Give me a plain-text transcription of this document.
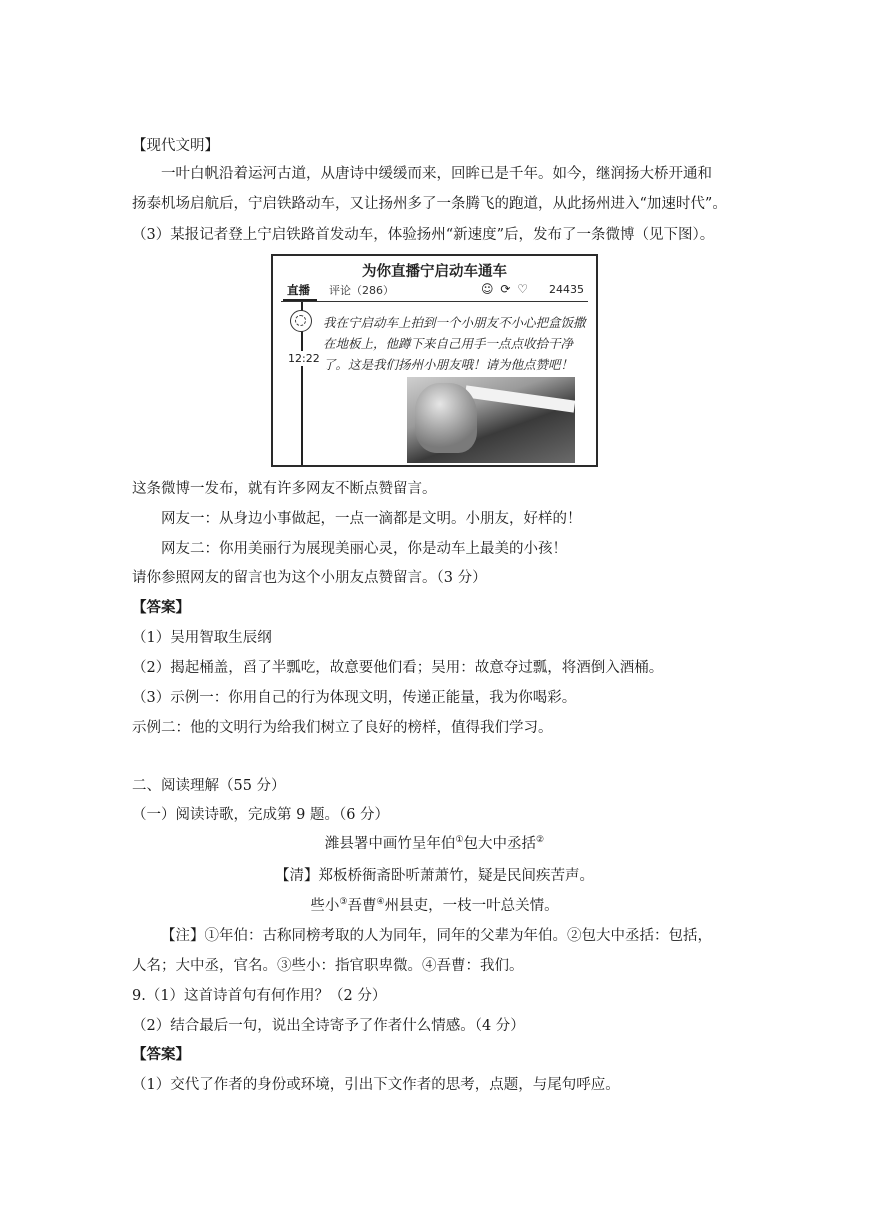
【现代文明】
一叶白帆沿着运河古道，从唐诗中缓缓而来，回眸已是千年。如今，继润扬大桥开通和
扬泰机场启航后，宁启铁路动车，又让扬州多了一条腾飞的跑道，从此扬州进入“加速时代”。
（3）某报记者登上宁启铁路首发动车，体验扬州“新速度”后，发布了一条微博（见下图）。
为你直播宁启动车通车
直播 评论（286）	☺ ⟳ ♡ 24435
12:22
我在宁启动车上拍到一个小朋友不小心把盒饭撒在地板上，他蹲下来自己用手一点点收拾干净了。这是我们扬州小朋友哦！请为他点赞吧！
这条微博一发布，就有许多网友不断点赞留言。
网友一：从身边小事做起，一点一滴都是文明。小朋友，好样的！
网友二：你用美丽行为展现美丽心灵，你是动车上最美的小孩！
请你参照网友的留言也为这个小朋友点赞留言。（3 分）
【答案】
（1）吴用智取生辰纲
（2）揭起桶盖，舀了半瓢吃，故意要他们看；吴用：故意夺过瓢，将酒倒入酒桶。
（3）示例一：你用自己的行为体现文明，传递正能量，我为你喝彩。
示例二：他的文明行为给我们树立了良好的榜样，值得我们学习。
二、阅读理解（55 分）
（一）阅读诗歌，完成第 9 题。（6 分）
潍县署中画竹呈年伯①包大中丞括②
【清】郑板桥衙斋卧听萧萧竹，疑是民间疾苦声。
些小③吾曹④州县吏，一枝一叶总关情。
【注】①年伯：古称同榜考取的人为同年，同年的父辈为年伯。②包大中丞括：包括，
人名；大中丞，官名。③些小：指官职卑微。④吾曹：我们。
9.（1）这首诗首句有何作用？（2 分）
（2）结合最后一句，说出全诗寄予了作者什么情感。（4 分）
【答案】
（1）交代了作者的身份或环境，引出下文作者的思考，点题，与尾句呼应。
